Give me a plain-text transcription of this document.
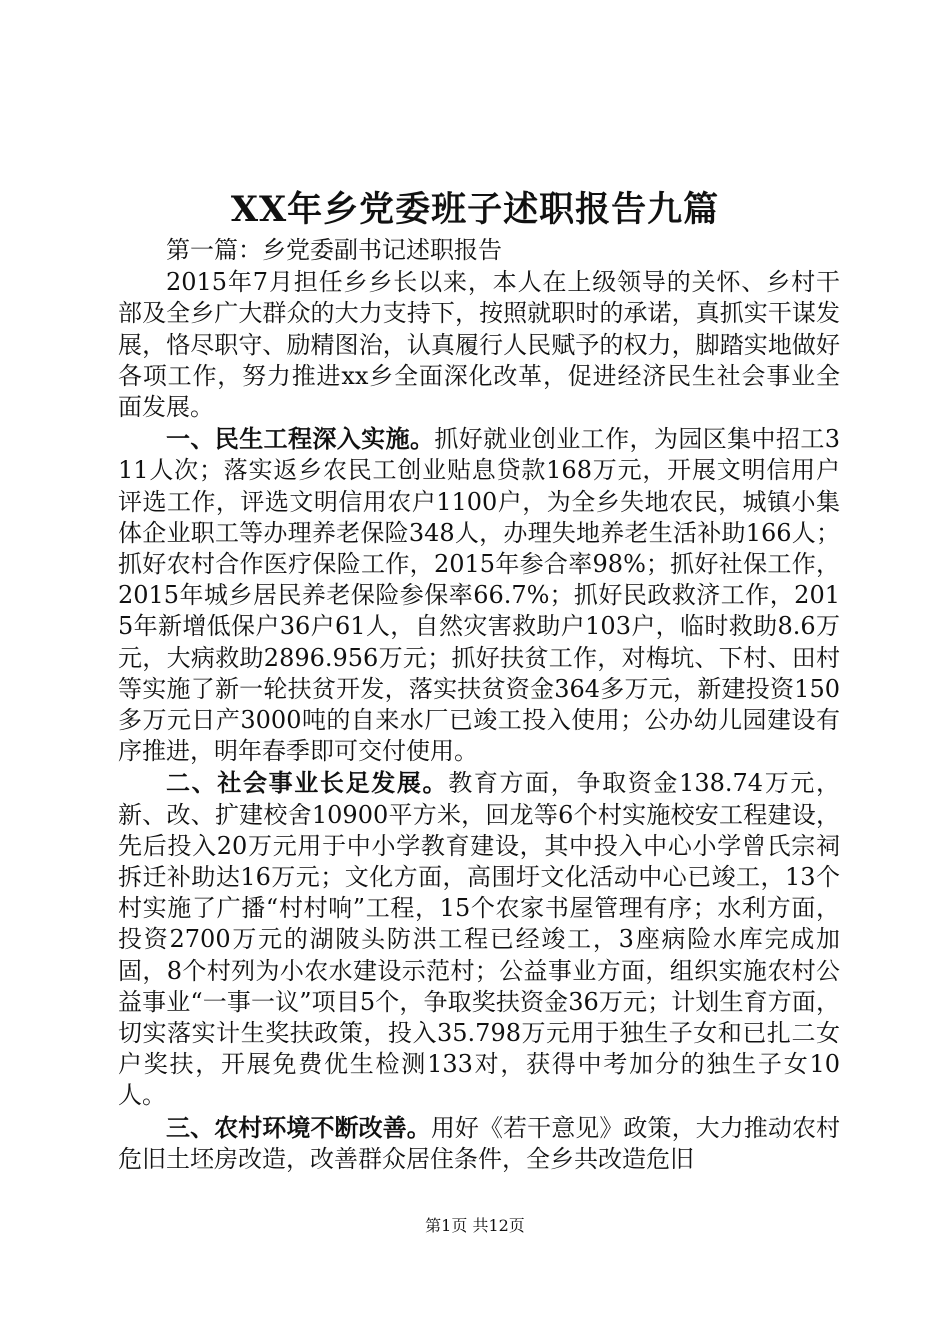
XX年乡党委班子述职报告九篇

第一篇：乡党委副书记述职报告

2015年7月担任乡乡长以来，本人在上级领导的关怀、乡村干部及全乡广大群众的大力支持下，按照就职时的承诺，真抓实干谋发展，恪尽职守、励精图治，认真履行人民赋予的权力，脚踏实地做好各项工作，努力推进xx乡全面深化改革，促进经济民生社会事业全面发展。

一、民生工程深入实施。抓好就业创业工作，为园区集中招工311人次；落实返乡农民工创业贴息贷款168万元，开展文明信用户评选工作，评选文明信用农户1100户，为全乡失地农民，城镇小集体企业职工等办理养老保险348人，办理失地养老生活补助166人；抓好农村合作医疗保险工作，2015年参合率98%；抓好社保工作，2015年城乡居民养老保险参保率66.7%；抓好民政救济工作，2015年新增低保户36户61人，自然灾害救助户103户，临时救助8.6万元，大病救助2896.956万元；抓好扶贫工作，对梅坑、下村、田村等实施了新一轮扶贫开发，落实扶贫资金364多万元，新建投资150多万元日产3000吨的自来水厂已竣工投入使用；公办幼儿园建设有序推进，明年春季即可交付使用。

二、社会事业长足发展。教育方面，争取资金138.74万元，新、改、扩建校舍10900平方米，回龙等6个村实施校安工程建设，先后投入20万元用于中小学教育建设，其中投入中心小学曾氏宗祠拆迁补助达16万元；文化方面，高围圩文化活动中心已竣工，13个村实施了广播“村村响”工程，15个农家书屋管理有序；水利方面，投资2700万元的湖陂头防洪工程已经竣工，3座病险水库完成加固，8个村列为小农水建设示范村；公益事业方面，组织实施农村公益事业“一事一议”项目5个，争取奖扶资金36万元；计划生育方面，切实落实计生奖扶政策，投入35.798万元用于独生子女和已扎二女户奖扶，开展免费优生检测133对，获得中考加分的独生子女10人。

三、农村环境不断改善。用好《若干意见》政策，大力推动农村危旧土坯房改造，改善群众居住条件，全乡共改造危旧

第1页 共12页
